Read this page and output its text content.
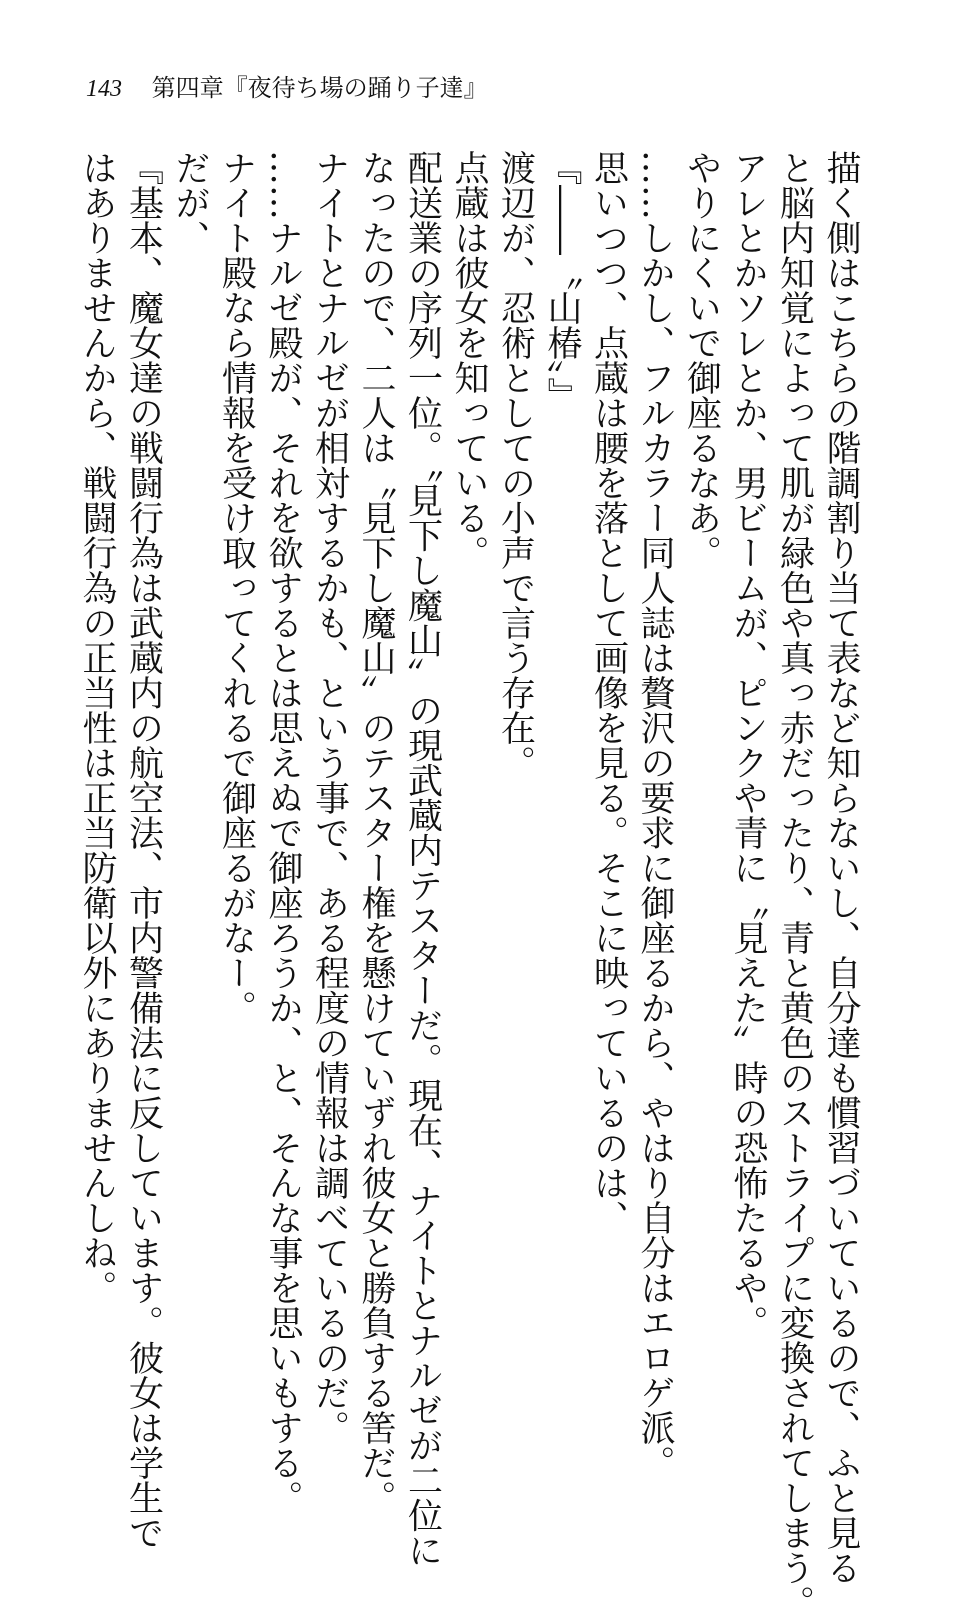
143 第四章『夜待ち場の踊り子達』

描く側はこちらの階調割り当て表など知らないし、自分達も慣習づいているので、ふと見る

と脳内知覚によって肌が緑色や真っ赤だったり、青と黄色のストライプに変換されてしまう。

アレとかソレとか、男ビームが、ピンクや青に〝見えた〟時の恐怖たるや。

やりにくいで御座るなあ。

……しかし、フルカラー同人誌は贅沢の要求に御座るから、やはり自分はエロゲ派。

思いつつ、点蔵は腰を落として画像を見る。そこに映っているのは、

『――〝山椿〟』

渡辺が、忍術としての小声で言う存在。

点蔵は彼女を知っている。

配送業の序列一位。〝見下し魔山〟の現武蔵内テスターだ。現在、ナイトとナルゼが二位に

なったので、二人は〝見下し魔山〟のテスター権を懸けていずれ彼女と勝負する筈だ。

ナイトとナルゼが相対するかも、という事で、ある程度の情報は調べているのだ。

……ナルゼ殿が、それを欲するとは思えぬで御座ろうか、と、そんな事を思いもする。

ナイト殿なら情報を受け取ってくれるで御座るがなー。

だが、

『基本、魔女達の戦闘行為は武蔵内の航空法、市内警備法に反しています。彼女は学生で

はありませんから、戦闘行為の正当性は正当防衛以外にありませんしね。
